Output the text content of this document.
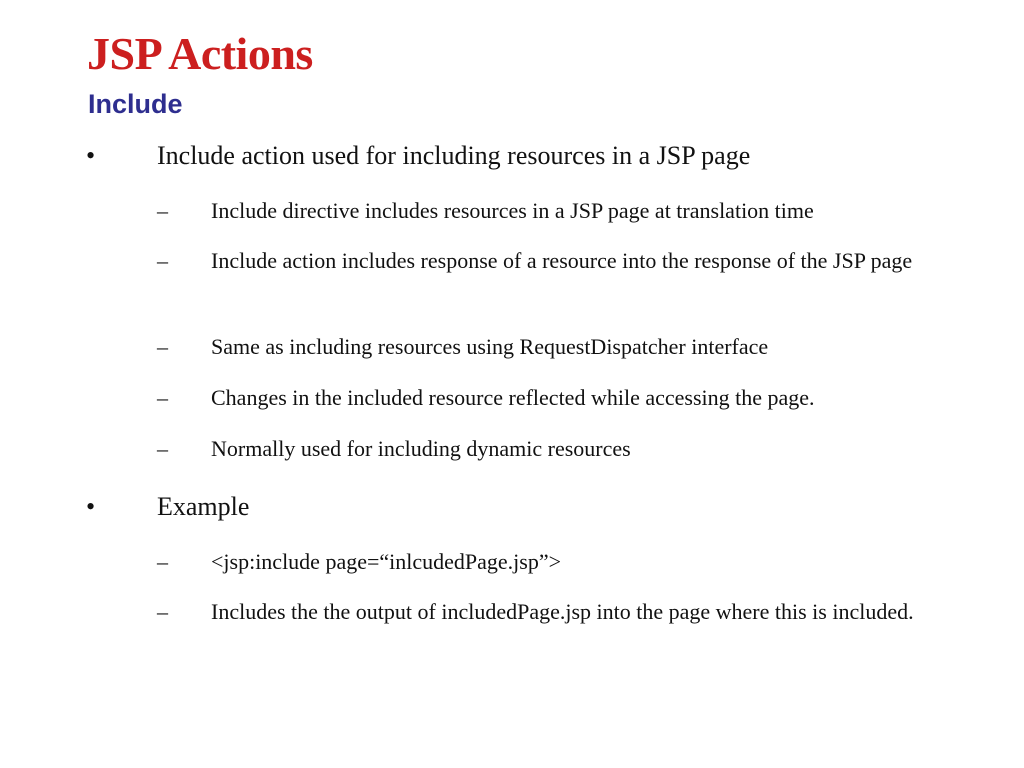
JSP Actions
Include
• Include action used for including resources in a JSP page
– Include directive includes resources in a JSP page at translation time
– Include action includes response of a resource into the response of the JSP page
– Same as including resources using RequestDispatcher interface
– Changes in the included resource reflected while accessing the page.
– Normally used for including dynamic resources
• Example
– <jsp:include page=“inlcudedPage.jsp”>
– Includes the the output of includedPage.jsp into the page where this is included.
